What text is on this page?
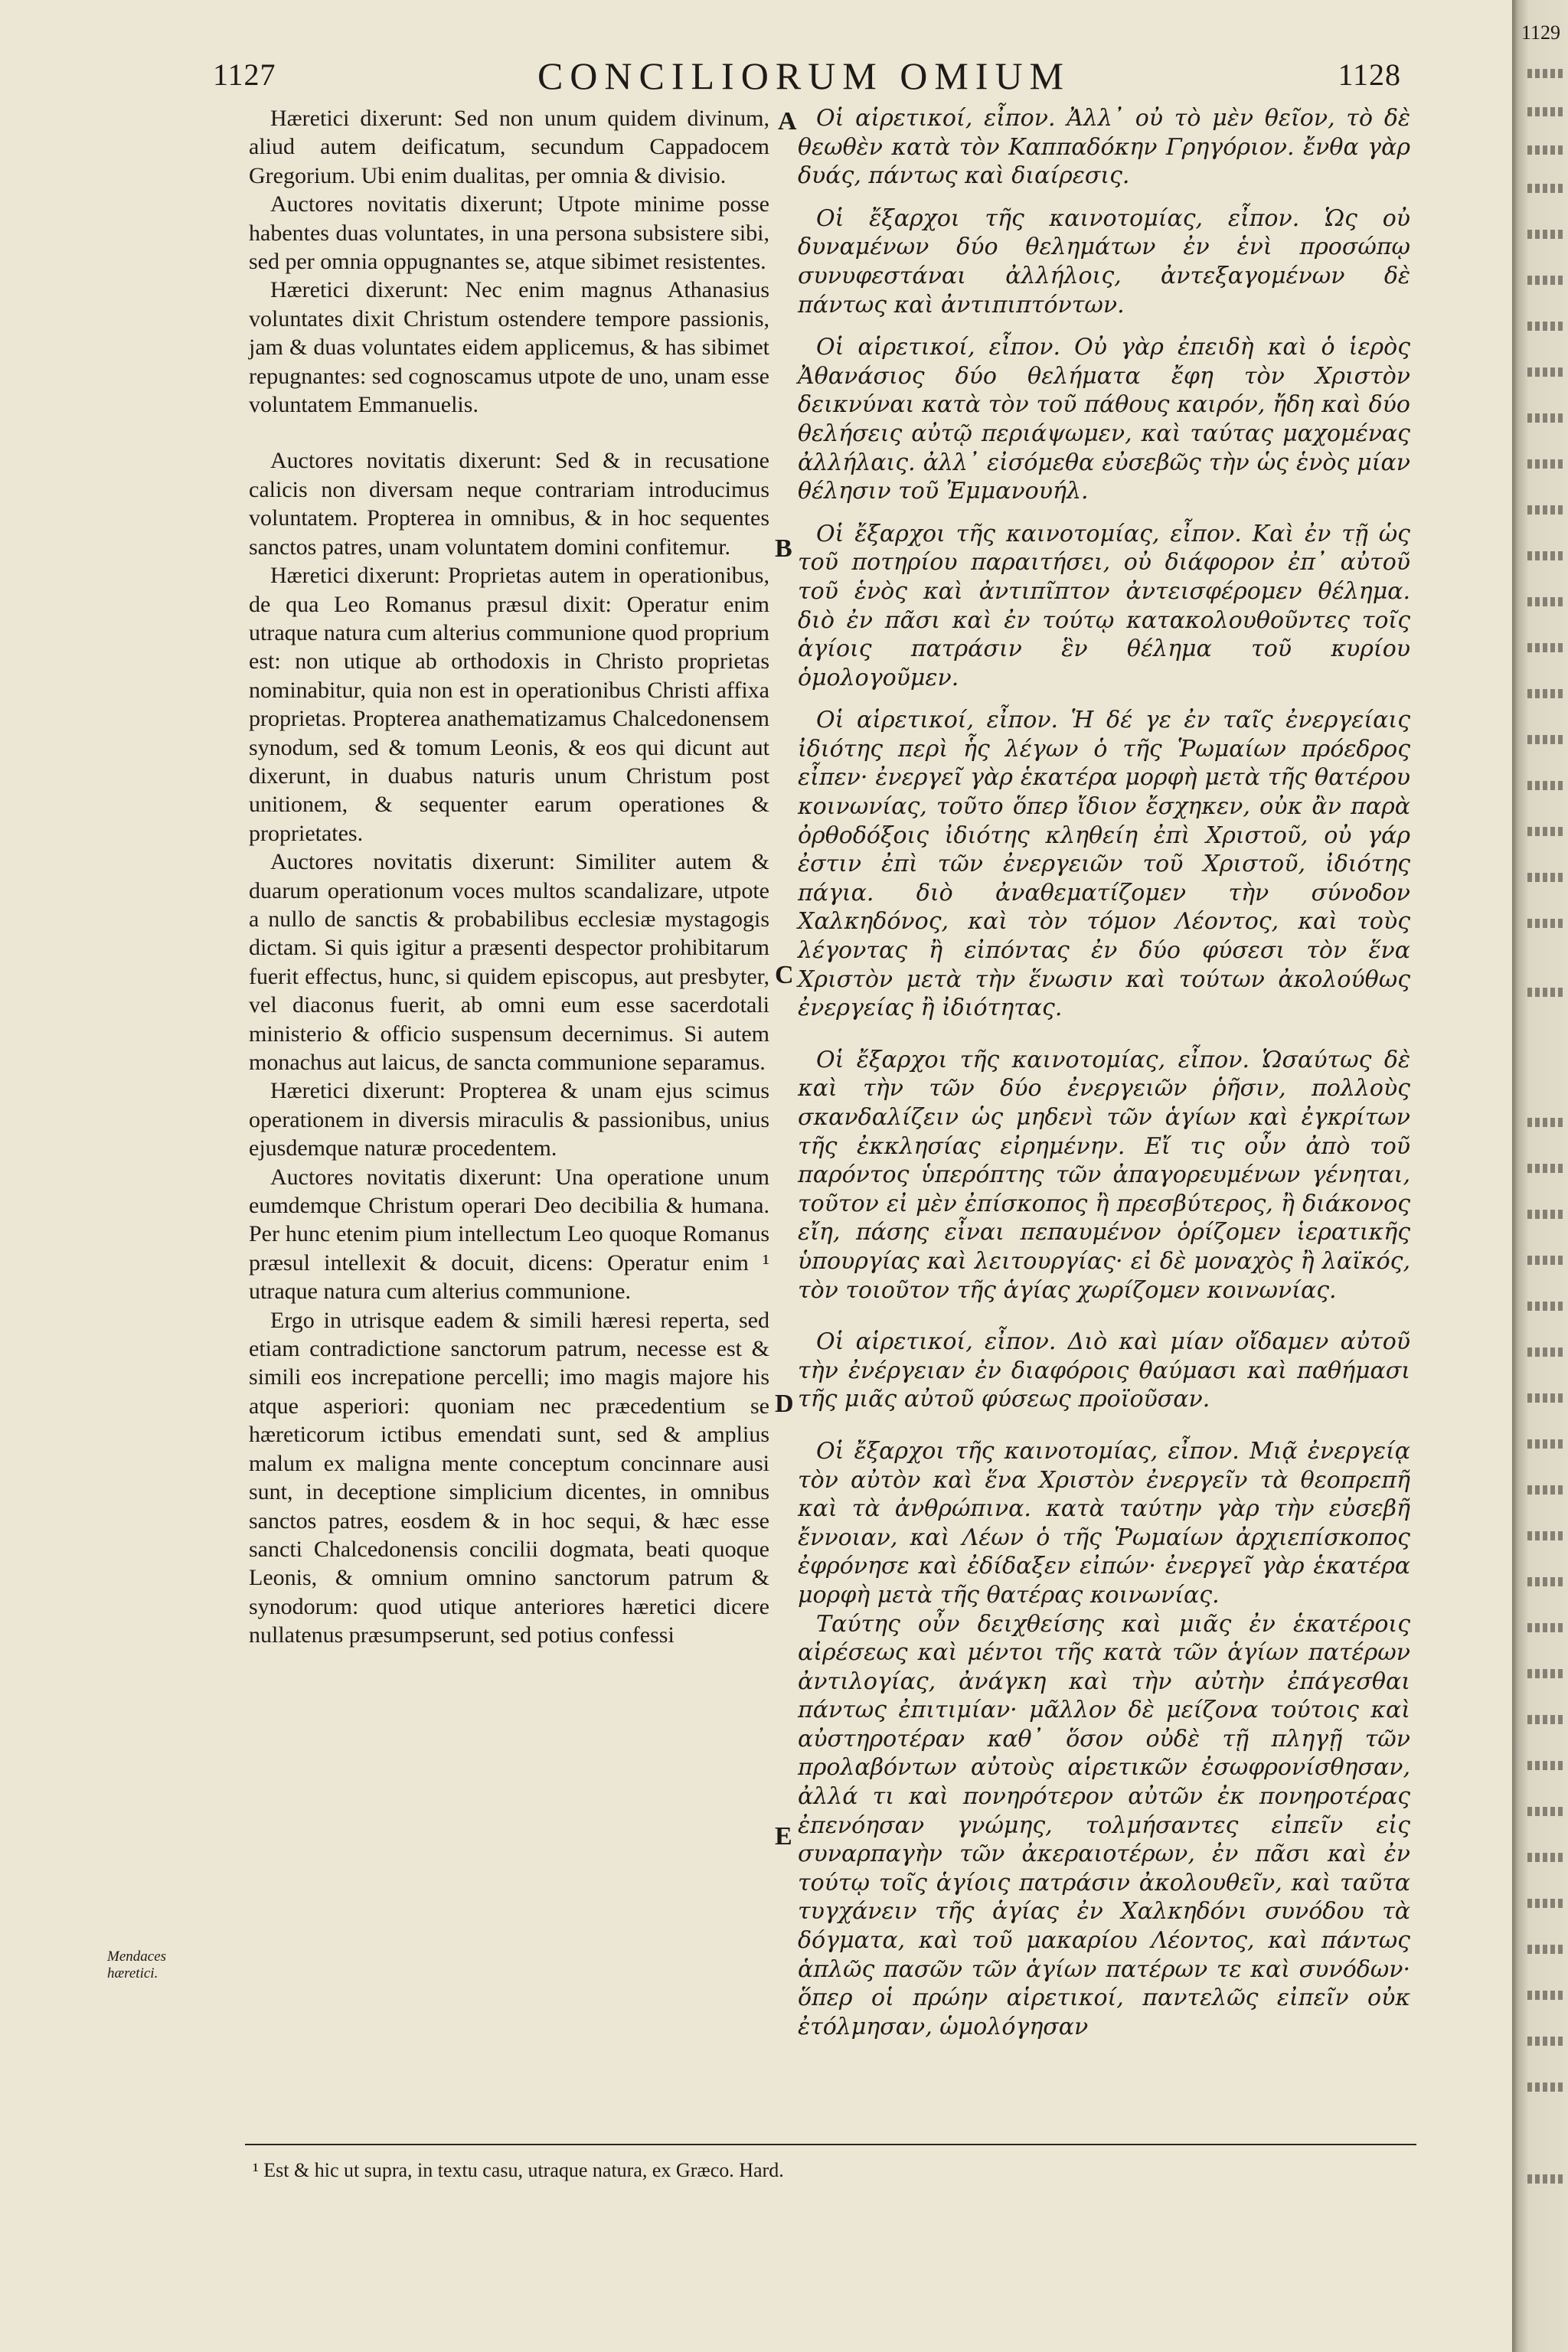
1127	CONCILIORUM OMIUM	1128

Hæretici dixerunt: Sed non unum quidem divinum, aliud autem deificatum, secundum Cappadocem Gregorium. Ubi enim dualitas, per omnia & divisio.

Auctores novitatis dixerunt; Utpote minime posse habentes duas voluntates, in una persona subsistere sibi, sed per omnia oppugnantes se, atque sibimet resistentes.

Hæretici dixerunt: Nec enim magnus Athanasius voluntates dixit Christum ostendere tempore passionis, jam & duas voluntates eidem applicemus, & has sibimet repugnantes: sed cognoscamus utpote de uno, unam esse voluntatem Emmanuelis.

Auctores novitatis dixerunt: Sed & in recusatione calicis non diversam neque contrariam introducimus voluntatem. Propterea in omnibus, & in hoc sequentes sanctos patres, unam voluntatem domini confitemur.

Hæretici dixerunt: Proprietas autem in operationibus, de qua Leo Romanus præsul dixit: Operatur enim utraque natura cum alterius communione quod proprium est: non utique ab orthodoxis in Christo proprietas nominabitur, quia non est in operationibus Christi affixa proprietas. Propterea anathematizamus Chalcedonensem synodum, sed & tomum Leonis, & eos qui dicunt aut dixerunt, in duabus naturis unum Christum post unitionem, & sequenter earum operationes & proprietates.

Auctores novitatis dixerunt: Similiter autem & duarum operationum voces multos scandalizare, utpote a nullo de sanctis & probabilibus ecclesiæ mystagogis dictam. Si quis igitur a præsenti despector prohibitarum fuerit effectus, hunc, si quidem episcopus, aut presbyter, vel diaconus fuerit, ab omni eum esse sacerdotali ministerio & officio suspensum decernimus. Si autem monachus aut laicus, de sancta communione separamus.

Hæretici dixerunt: Propterea & unam ejus scimus operationem in diversis miraculis & passionibus, unius ejusdemque naturæ procedentem.

Auctores novitatis dixerunt: Una operatione unum eumdemque Christum operari Deo decibilia & humana. Per hunc etenim pium intellectum Leo quoque Romanus præsul intellexit & docuit, dicens: Operatur enim ¹ utraque natura cum alterius communione.

Ergo in utrisque eadem & simili hæresi reperta, sed etiam contradictione sanctorum patrum, necesse est & simili eos increpatione percelli; imo magis majore his atque asperiori: quoniam nec præcedentium se hæreticorum ictibus emendati sunt, sed & amplius malum ex maligna mente conceptum concinnare ausi sunt, in deceptione simplicium dicentes, in omnibus sanctos patres, eosdem & in hoc sequi, & hæc esse sancti Chalcedonensis concilii dogmata, beati quoque Leonis, & omnium omnino sanctorum patrum & synodorum: quod utique anteriores hæretici dicere nullatenus præsumpserunt, sed potius confessi

Οἱ αἱρετικοί, εἶπον. Ἀλλ᾽ οὐ τὸ μὲν θεῖον, τὸ δὲ θεωθὲν κατὰ τὸν Καππαδόκην Γρηγόριον. ἔνθα γὰρ δυάς, πάντως καὶ διαίρεσις.

Οἱ ἔξαρχοι τῆς καινοτομίας, εἶπον. Ὡς οὐ δυναμένων δύο θελημάτων ἐν ἑνὶ προσώπῳ συνυφεστάναι ἀλλήλοις, ἀντεξαγομένων δὲ πάντως καὶ ἀντιπιπτόντων.

Οἱ αἱρετικοί, εἶπον. Οὐ γὰρ ἐπειδὴ καὶ ὁ ἱερὸς Ἀθανάσιος δύο θελήματα ἔφη τὸν Χριστὸν δεικνύναι κατὰ τὸν τοῦ πάθους καιρόν, ἤδη καὶ δύο θελήσεις αὐτῷ περιάψωμεν, καὶ ταύτας μαχομένας ἀλλήλαις. ἀλλ᾽ εἰσόμεθα εὐσεβῶς τὴν ὡς ἑνὸς μίαν θέλησιν τοῦ Ἐμμανουήλ.

Οἱ ἔξαρχοι τῆς καινοτομίας, εἶπον. Καὶ ἐν τῇ ὡς τοῦ ποτηρίου παραιτήσει, οὐ διάφορον ἐπ᾽ αὐτοῦ τοῦ ἑνὸς καὶ ἀντιπῖπτον ἀντεισφέρομεν θέλημα. διὸ ἐν πᾶσι καὶ ἐν τούτῳ κατακολουθοῦντες τοῖς ἁγίοις πατράσιν ἓν θέλημα τοῦ κυρίου ὁμολογοῦμεν.

Οἱ αἱρετικοί, εἶπον. Ἡ δέ γε ἐν ταῖς ἐνεργείαις ἰδιότης περὶ ἧς λέγων ὁ τῆς Ῥωμαίων πρόεδρος εἶπεν· ἐνεργεῖ γὰρ ἑκατέρα μορφὴ μετὰ τῆς θατέρου κοινωνίας, τοῦτο ὅπερ ἴδιον ἔσχηκεν, οὐκ ἂν παρὰ ὀρθοδόξοις ἰδιότης κληθείη ἐπὶ Χριστοῦ, οὐ γάρ ἐστιν ἐπὶ τῶν ἐνεργειῶν τοῦ Χριστοῦ, ἰδιότης πάγια. διὸ ἀναθεματίζομεν τὴν σύνοδον Χαλκηδόνος, καὶ τὸν τόμον Λέοντος, καὶ τοὺς λέγοντας ἢ εἰπόντας ἐν δύο φύσεσι τὸν ἕνα Χριστὸν μετὰ τὴν ἕνωσιν καὶ τούτων ἀκολούθως ἐνεργείας ἢ ἰδιότητας.

Οἱ ἔξαρχοι τῆς καινοτομίας, εἶπον. Ὡσαύτως δὲ καὶ τὴν τῶν δύο ἐνεργειῶν ῥῆσιν, πολλοὺς σκανδαλίζειν ὡς μηδενὶ τῶν ἁγίων καὶ ἐγκρίτων τῆς ἐκκλησίας εἰρημένην. Εἴ τις οὖν ἀπὸ τοῦ παρόντος ὑπερόπτης τῶν ἀπαγορευμένων γένηται, τοῦτον εἰ μὲν ἐπίσκοπος ἢ πρεσβύτερος, ἢ διάκονος εἴη, πάσης εἶναι πεπαυμένον ὁρίζομεν ἱερατικῆς ὑπουργίας καὶ λειτουργίας· εἰ δὲ μοναχὸς ἢ λαϊκός, τὸν τοιοῦτον τῆς ἁγίας χωρίζομεν κοινωνίας.

Οἱ αἱρετικοί, εἶπον. Διὸ καὶ μίαν οἴδαμεν αὐτοῦ τὴν ἐνέργειαν ἐν διαφόροις θαύμασι καὶ παθήμασι τῆς μιᾶς αὐτοῦ φύσεως προϊοῦσαν.

Οἱ ἔξαρχοι τῆς καινοτομίας, εἶπον. Μιᾷ ἐνεργείᾳ τὸν αὐτὸν καὶ ἕνα Χριστὸν ἐνεργεῖν τὰ θεοπρεπῆ καὶ τὰ ἀνθρώπινα. κατὰ ταύτην γὰρ τὴν εὐσεβῆ ἔννοιαν, καὶ Λέων ὁ τῆς Ῥωμαίων ἀρχιεπίσκοπος ἐφρόνησε καὶ ἐδίδαξεν εἰπών· ἐνεργεῖ γὰρ ἑκατέρα μορφὴ μετὰ τῆς θατέρας κοινωνίας.

Ταύτης οὖν δειχθείσης καὶ μιᾶς ἐν ἑκατέροις αἱρέσεως καὶ μέντοι τῆς κατὰ τῶν ἁγίων πατέρων ἀντιλογίας, ἀνάγκη καὶ τὴν αὐτὴν ἐπάγεσθαι πάντως ἐπιτιμίαν· μᾶλλον δὲ μείζονα τούτοις καὶ αὐστηροτέραν καθ᾽ ὅσον οὐδὲ τῇ πληγῇ τῶν προλαβόντων αὐτοὺς αἱρετικῶν ἐσωφρονίσθησαν, ἀλλά τι καὶ πονηρότερον αὐτῶν ἐκ πονηροτέρας ἐπενόησαν γνώμης, τολμήσαντες εἰπεῖν εἰς συναρπαγὴν τῶν ἀκεραιοτέρων, ἐν πᾶσι καὶ ἐν τούτῳ τοῖς ἁγίοις πατράσιν ἀκολουθεῖν, καὶ ταῦτα τυγχάνειν τῆς ἁγίας ἐν Χαλκηδόνι συνόδου τὰ δόγματα, καὶ τοῦ μακαρίου Λέοντος, καὶ πάντως ἁπλῶς πασῶν τῶν ἁγίων πατέρων τε καὶ συνόδων· ὅπερ οἱ πρώην αἱρετικοί, παντελῶς εἰπεῖν οὐκ ἐτόλμησαν, ὡμολόγησαν

A
B
C
D
E
Mendaces hæretici.
¹ Est & hic ut supra, in textu casu, utraque natura, ex Græco. Hard.
1129
